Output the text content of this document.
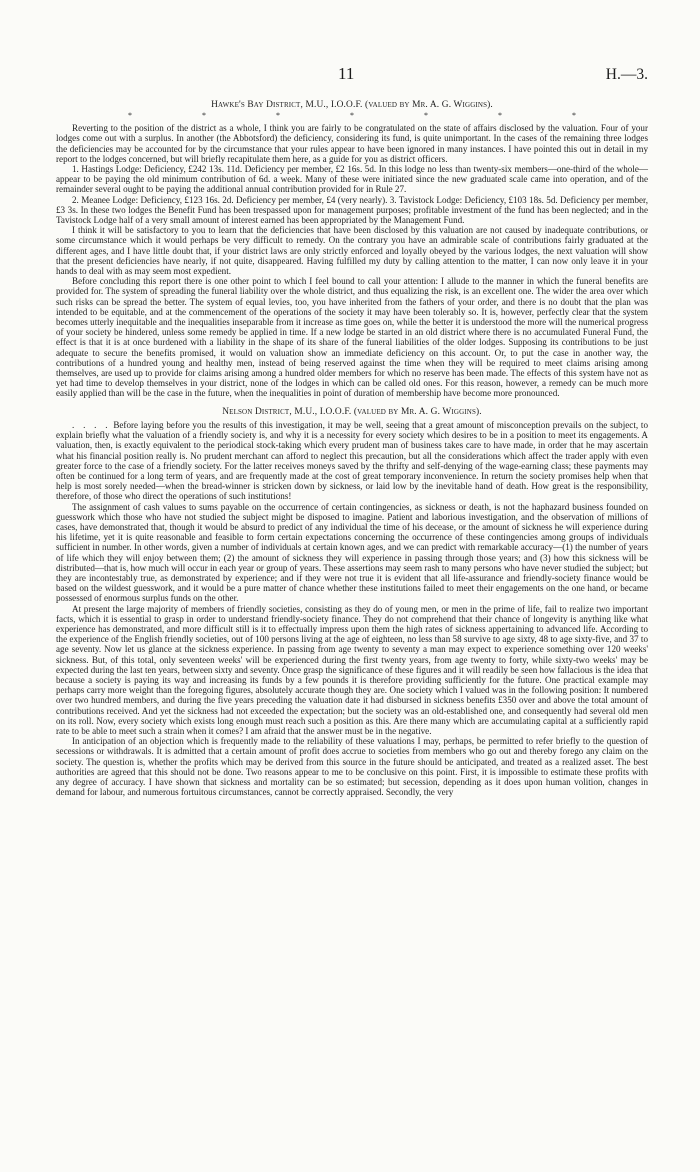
11	H.—3.

Hawke's Bay District, M.U., I.O.O.F. (valued by Mr. A. G. Wiggins).

* * * * * * *

Reverting to the position of the district as a whole, I think you are fairly to be congratulated on the state of affairs disclosed by the valuation. Four of your lodges come out with a surplus. In another (the Abbotsford) the deficiency, considering its fund, is quite unimportant. In the cases of the remaining three lodges the deficiencies may be accounted for by the circumstance that your rules appear to have been ignored in many instances. I have pointed this out in detail in my report to the lodges concerned, but will briefly recapitulate them here, as a guide for you as district officers.

1. Hastings Lodge: Deficiency, £242 13s. 11d. Deficiency per member, £2 16s. 5d. In this lodge no less than twenty-six members—one-third of the whole—appear to be paying the old minimum contribution of 6d. a week. Many of these were initiated since the new graduated scale came into operation, and of the remainder several ought to be paying the additional annual contribution provided for in Rule 27.

2. Meanee Lodge: Deficiency, £123 16s. 2d. Deficiency per member, £4 (very nearly). 3. Tavistock Lodge: Deficiency, £103 18s. 5d. Deficiency per member, £3 3s. In these two lodges the Benefit Fund has been trespassed upon for management purposes; profitable investment of the fund has been neglected; and in the Tavistock Lodge half of a very small amount of interest earned has been appropriated by the Management Fund.

I think it will be satisfactory to you to learn that the deficiencies that have been disclosed by this valuation are not caused by inadequate contributions, or some circumstance which it would perhaps be very difficult to remedy. On the contrary you have an admirable scale of contributions fairly graduated at the different ages, and I have little doubt that, if your district laws are only strictly enforced and loyally obeyed by the various lodges, the next valuation will show that the present deficiencies have nearly, if not quite, disappeared. Having fulfilled my duty by calling attention to the matter, I can now only leave it in your hands to deal with as may seem most expedient.

Before concluding this report there is one other point to which I feel bound to call your attention: I allude to the manner in which the funeral benefits are provided for. The system of spreading the funeral liability over the whole district, and thus equalizing the risk, is an excellent one. The wider the area over which such risks can be spread the better. The system of equal levies, too, you have inherited from the fathers of your order, and there is no doubt that the plan was intended to be equitable, and at the commencement of the operations of the society it may have been tolerably so. It is, however, perfectly clear that the system becomes utterly inequitable and the inequalities inseparable from it increase as time goes on, while the better it is understood the more will the numerical progress of your society be hindered, unless some remedy be applied in time. If a new lodge be started in an old district where there is no accumulated Funeral Fund, the effect is that it is at once burdened with a liability in the shape of its share of the funeral liabilities of the older lodges. Supposing its contributions to be just adequate to secure the benefits promised, it would on valuation show an immediate deficiency on this account. Or, to put the case in another way, the contributions of a hundred young and healthy men, instead of being reserved against the time when they will be required to meet claims arising among themselves, are used up to provide for claims arising among a hundred older members for which no reserve has been made. The effects of this system have not as yet had time to develop themselves in your district, none of the lodges in which can be called old ones. For this reason, however, a remedy can be much more easily applied than will be the case in the future, when the inequalities in point of duration of membership have become more pronounced.

Nelson District, M.U., I.O.O.F. (valued by Mr. A. G. Wiggins).

. . . . Before laying before you the results of this investigation, it may be well, seeing that a great amount of misconception prevails on the subject, to explain briefly what the valuation of a friendly society is, and why it is a necessity for every society which desires to be in a position to meet its engagements. A valuation, then, is exactly equivalent to the periodical stock-taking which every prudent man of business takes care to have made, in order that he may ascertain what his financial position really is. No prudent merchant can afford to neglect this precaution, but all the considerations which affect the trader apply with even greater force to the case of a friendly society. For the latter receives moneys saved by the thrifty and self-denying of the wage-earning class; these payments may often be continued for a long term of years, and are frequently made at the cost of great temporary inconvenience. In return the society promises help when that help is most sorely needed—when the bread-winner is stricken down by sickness, or laid low by the inevitable hand of death. How great is the responsibility, therefore, of those who direct the operations of such institutions!

The assignment of cash values to sums payable on the occurrence of certain contingencies, as sickness or death, is not the haphazard business founded on guesswork which those who have not studied the subject might be disposed to imagine. Patient and laborious investigation, and the observation of millions of cases, have demonstrated that, though it would be absurd to predict of any individual the time of his decease, or the amount of sickness he will experience during his lifetime, yet it is quite reasonable and feasible to form certain expectations concerning the occurrence of these contingencies among groups of individuals sufficient in number. In other words, given a number of individuals at certain known ages, and we can predict with remarkable accuracy—(1) the number of years of life which they will enjoy between them; (2) the amount of sickness they will experience in passing through those years; and (3) how this sickness will be distributed—that is, how much will occur in each year or group of years. These assertions may seem rash to many persons who have never studied the subject; but they are incontestably true, as demonstrated by experience; and if they were not true it is evident that all life-assurance and friendly-society finance would be based on the wildest guesswork, and it would be a pure matter of chance whether these institutions failed to meet their engagements on the one hand, or became possessed of enormous surplus funds on the other.

At present the large majority of members of friendly societies, consisting as they do of young men, or men in the prime of life, fail to realize two important facts, which it is essential to grasp in order to understand friendly-society finance. They do not comprehend that their chance of longevity is anything like what experience has demonstrated, and more difficult still is it to effectually impress upon them the high rates of sickness appertaining to advanced life. According to the experience of the English friendly societies, out of 100 persons living at the age of eighteen, no less than 58 survive to age sixty, 48 to age sixty-five, and 37 to age seventy. Now let us glance at the sickness experience. In passing from age twenty to seventy a man may expect to experience something over 120 weeks' sickness. But, of this total, only seventeen weeks' will be experienced during the first twenty years, from age twenty to forty, while sixty-two weeks' may be expected during the last ten years, between sixty and seventy. Once grasp the significance of these figures and it will readily be seen how fallacious is the idea that because a society is paying its way and increasing its funds by a few pounds it is therefore providing sufficiently for the future. One practical example may perhaps carry more weight than the foregoing figures, absolutely accurate though they are. One society which I valued was in the following position: It numbered over two hundred members, and during the five years preceding the valuation date it had disbursed in sickness benefits £350 over and above the total amount of contributions received. And yet the sickness had not exceeded the expectation; but the society was an old-established one, and consequently had several old men on its roll. Now, every society which exists long enough must reach such a position as this. Are there many which are accumulating capital at a sufficiently rapid rate to be able to meet such a strain when it comes? I am afraid that the answer must be in the negative.

In anticipation of an objection which is frequently made to the reliability of these valuations I may, perhaps, be permitted to refer briefly to the question of secessions or withdrawals. It is admitted that a certain amount of profit does accrue to societies from members who go out and thereby forego any claim on the society. The question is, whether the profits which may be derived from this source in the future should be anticipated, and treated as a realized asset. The best authorities are agreed that this should not be done. Two reasons appear to me to be conclusive on this point. First, it is impossible to estimate these profits with any degree of accuracy. I have shown that sickness and mortality can be so estimated; but secession, depending as it does upon human volition, changes in demand for labour, and numerous fortuitous circumstances, cannot be correctly appraised. Secondly, the very
